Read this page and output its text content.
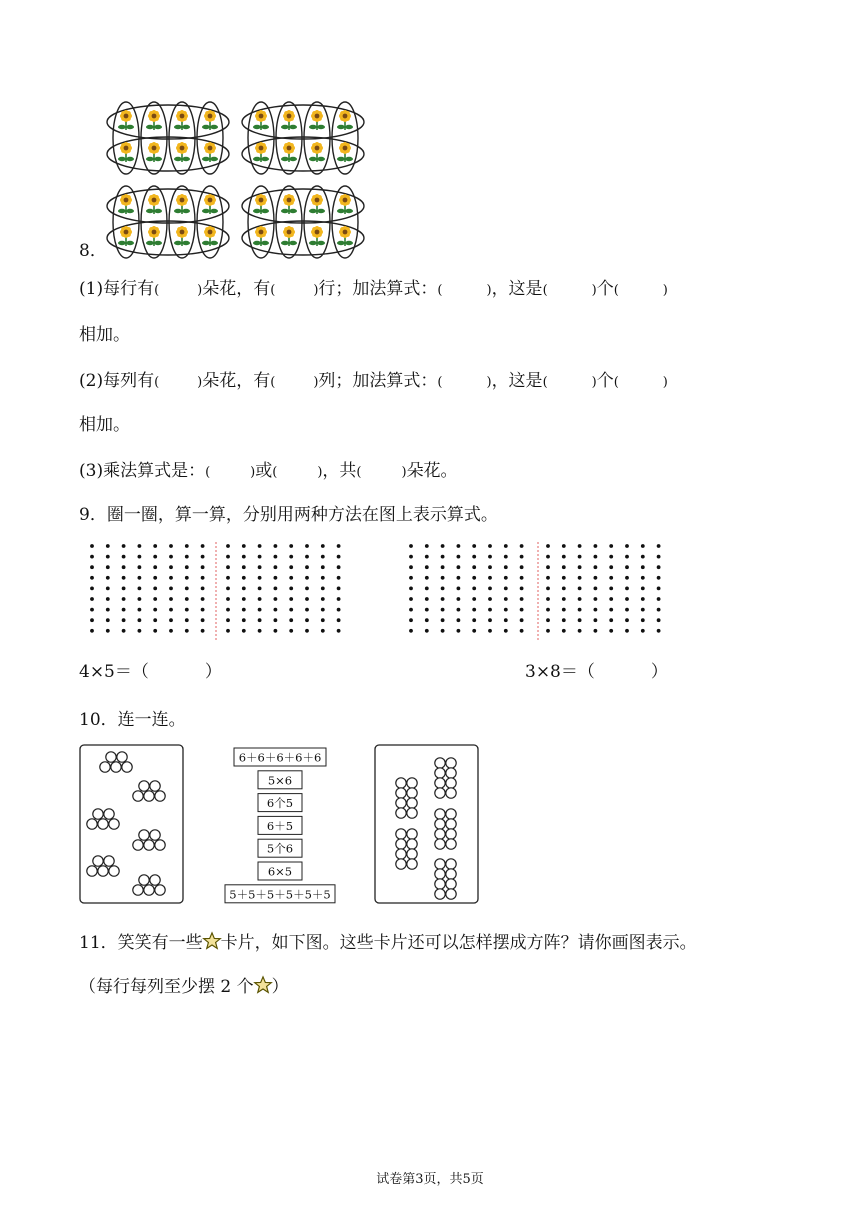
8．
(1)每行有(	)朵花，有(	)行；加法算式：(	)，这是(	)个(	)
相加。
(2)每列有(	)朵花，有(	)列；加法算式：(	)，这是(	)个(	)
相加。
(3)乘法算式是：(	)或(	)，共(	)朵花。
9．圈一圈，算一算，分别用两种方法在图上表示算式。
4×5＝（	）	3×8＝（	）
10．连一连。
6＋6＋6＋6＋6
5×6
6个5
6＋5
5个6
6×5
5＋5＋5＋5＋5＋5
11．笑笑有一些 卡片，如下图。这些卡片还可以怎样摆成方阵？请你画图表示。
（每行每列至少摆 2 个 ）
试卷第3页，共5页
